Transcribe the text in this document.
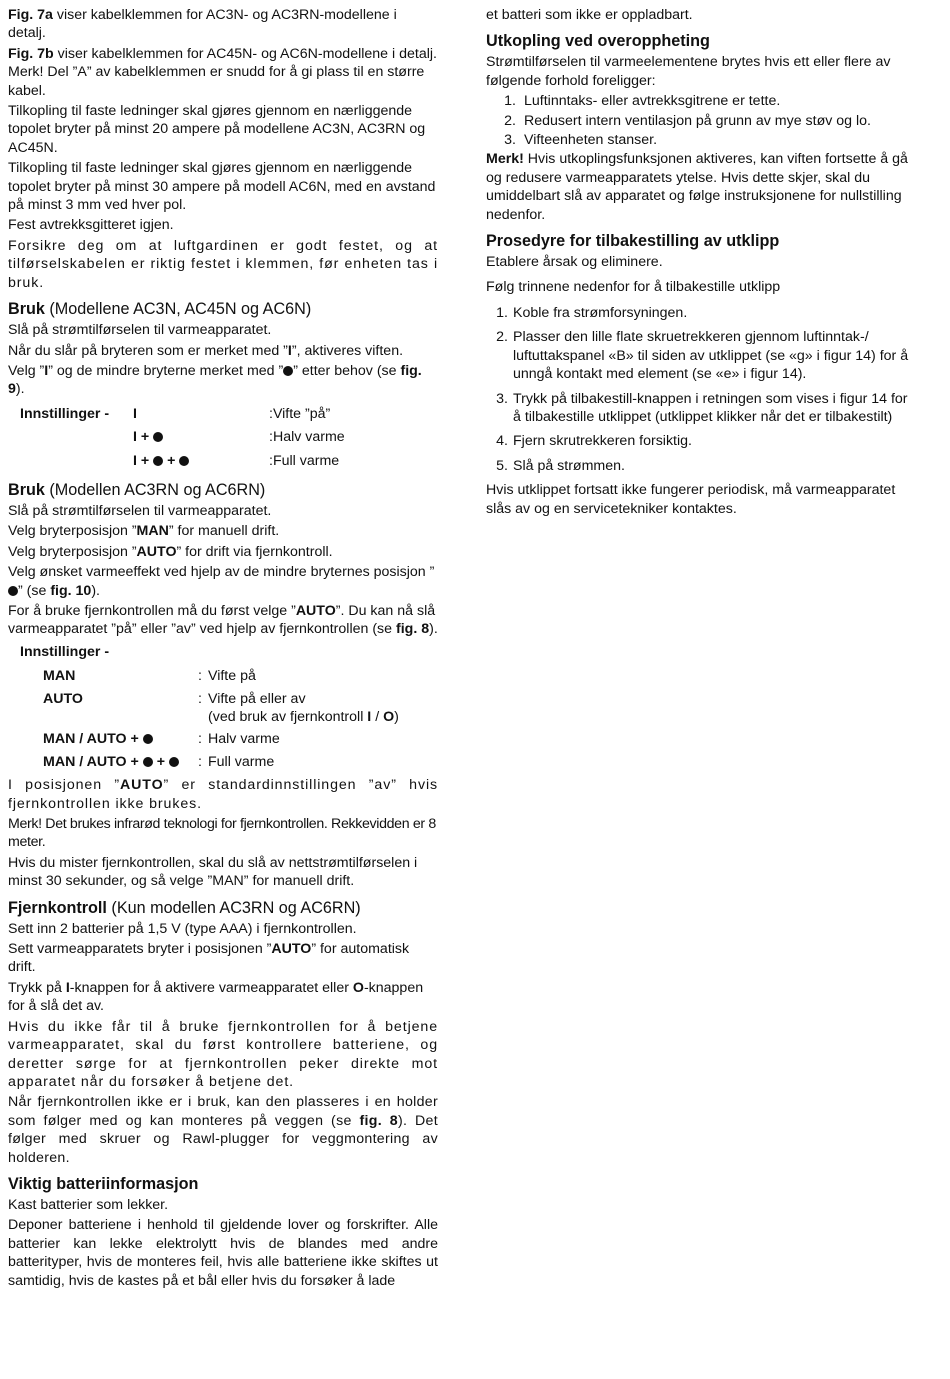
Fig. 7a viser kabelklemmen for AC3N- og AC3RN-modellene i detalj.

Fig. 7b viser kabelklemmen for AC45N- og AC6N-modellene i detalj. Merk! Del ”A” av kabelklemmen er snudd for å gi plass til en større kabel.

Tilkopling til faste ledninger skal gjøres gjennom en nærliggende topolet bryter på minst 20 ampere på modellene AC3N, AC3RN og AC45N.

Tilkopling til faste ledninger skal gjøres gjennom en nærliggende topolet bryter på minst 30 ampere på modell AC6N, med en avstand på minst 3 mm ved hver pol.

Fest avtrekksgitteret igjen.

Forsikre deg om at luftgardinen er godt festet, og at tilførselskabelen er riktig festet i klemmen, før enheten tas i bruk.

Bruk (Modellene AC3N, AC45N og AC6N)

Slå på strømtilførselen til varmeapparatet.

Når du slår på bryteren som er merket med ”I”, aktiveres viften.

Velg ”I” og de mindre bryterne merket med ” ” etter behov (se fig. 9).

Innstillinger -	I	:Vifte ”på”
I +	:Halv varme
I +  +	:Full varme
Bruk (Modellen AC3RN og AC6RN)

Slå på strømtilførselen til varmeapparatet.

Velg bryterposisjon ”MAN” for manuell drift.

Velg bryterposisjon ”AUTO” for drift via fjernkontroll.

Velg ønsket varmeeffekt ved hjelp av de mindre bryternes posisjon ”” (se fig. 10).

For å bruke fjernkontrollen må du først velge ”AUTO”. Du kan nå slå varmeapparatet ”på” eller ”av” ved hjelp av fjernkontrollen (se fig. 8).

Innstillinger -
MAN	: Vifte på
AUTO	: Vifte på eller av
(ved bruk av fjernkontroll I / O)
MAN / AUTO +	: Halv varme
MAN / AUTO + +	: Full varme

I posisjonen ”AUTO” er standardinnstillingen ”av” hvis fjernkontrollen ikke brukes.

Merk! Det brukes infrarød teknologi for fjernkontrollen. Rekkevidden er 8 meter.

Hvis du mister fjernkontrollen, skal du slå av nettstrømtilførselen i minst 30 sekunder, og så velge ”MAN” for manuell drift.

Fjernkontroll (Kun modellen AC3RN og AC6RN)

Sett inn 2 batterier på 1,5 V (type AAA) i fjernkontrollen.

Sett varmeapparatets bryter i posisjonen ”AUTO” for automatisk drift.

Trykk på I-knappen for å aktivere varmeapparatet eller O-knappen for å slå det av.

Hvis du ikke får til å bruke fjernkontrollen for å betjene varmeapparatet, skal du først kontrollere batteriene, og deretter sørge for at fjernkontrollen peker direkte mot apparatet når du forsøker å betjene det.

Når fjernkontrollen ikke er i bruk, kan den plasseres i en holder som følger med og kan monteres på veggen (se fig. 8). Det følger med skruer og Rawl-plugger for veggmontering av holderen.

Viktig batteriinformasjon

Kast batterier som lekker.

Deponer batteriene i henhold til gjeldende lover og forskrifter. Alle batterier kan lekke elektrolytt hvis de blandes med andre batterityper, hvis de monteres feil, hvis alle batteriene ikke skiftes ut samtidig, hvis de kastes på et bål eller hvis du forsøker å lade

et batteri som ikke er oppladbart.

Utkopling ved overoppheting

Strømtilførselen til varmeelementene brytes hvis ett eller flere av følgende forhold foreligger:

1. Luftinntaks- eller avtrekksgitrene er tette.
2. Redusert intern ventilasjon på grunn av mye støv og lo.
3. Vifteenheten stanser.

Merk! Hvis utkoplingsfunksjonen aktiveres, kan viften fortsette å gå og redusere varmeapparatets ytelse. Hvis dette skjer, skal du umiddelbart slå av apparatet og følge instruksjonene for nullstilling nedenfor.

Prosedyre for tilbakestilling av utklipp

Etablere årsak og eliminere.

Følg trinnene nedenfor for å tilbakestille utklipp

1. Koble fra strømforsyningen.
2. Plasser den lille flate skruetrekkeren gjennom luftinntak-/ luftuttakspanel «B» til siden av utklippet (se «g» i figur 14) for å unngå kontakt med element (se «e» i figur 14).
3. Trykk på tilbakestill-knappen i retningen som vises i figur 14 for å tilbakestille utklippet (utklippet klikker når det er tilbakestilt)
4. Fjern skrutrekkeren forsiktig.
5. Slå på strømmen.

Hvis utklippet fortsatt ikke fungerer periodisk, må varmeapparatet slås av og en servicetekniker kontaktes.
